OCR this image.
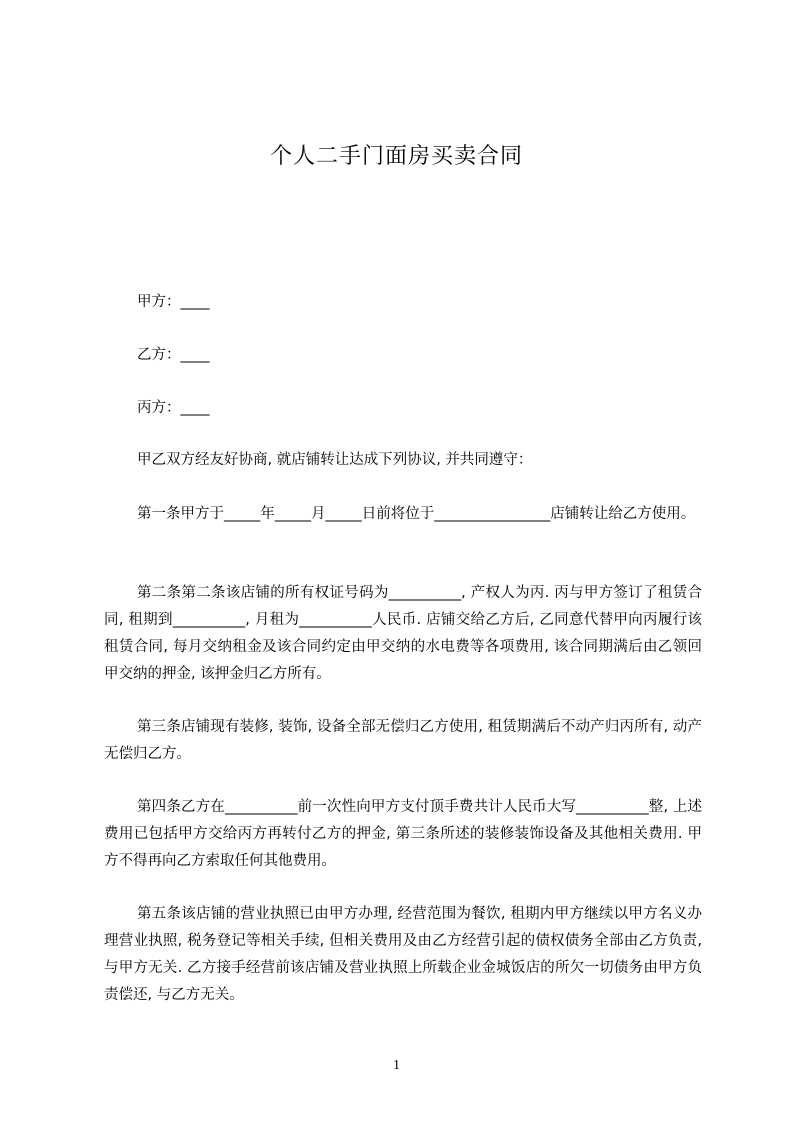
个人二手门面房买卖合同
甲方：____
乙方：____
丙方：____
甲乙双方经友好协商, 就店铺转让达成下列协议, 并共同遵守：
第一条甲方于_____年_____月_____日前将位于________________店铺转让给乙方使用。
第二条第二条该店铺的所有权证号码为__________, 产权人为丙. 丙与甲方签订了租赁合同, 租期到__________, 月租为__________人民币. 店铺交给乙方后, 乙同意代替甲向丙履行该租赁合同, 每月交纳租金及该合同约定由甲交纳的水电费等各项费用, 该合同期满后由乙领回甲交纳的押金, 该押金归乙方所有。
第三条店铺现有装修, 装饰, 设备全部无偿归乙方使用, 租赁期满后不动产归丙所有, 动产无偿归乙方。
第四条乙方在__________前一次性向甲方支付顶手费共计人民币大写__________整, 上述费用已包括甲方交给丙方再转付乙方的押金, 第三条所述的装修装饰设备及其他相关费用. 甲方不得再向乙方索取任何其他费用。
第五条该店铺的营业执照已由甲方办理, 经营范围为餐饮, 租期内甲方继续以甲方名义办理营业执照, 税务登记等相关手续, 但相关费用及由乙方经营引起的债权债务全部由乙方负责, 与甲方无关. 乙方接手经营前该店铺及营业执照上所载企业金城饭店的所欠一切债务由甲方负责偿还, 与乙方无关。
1
